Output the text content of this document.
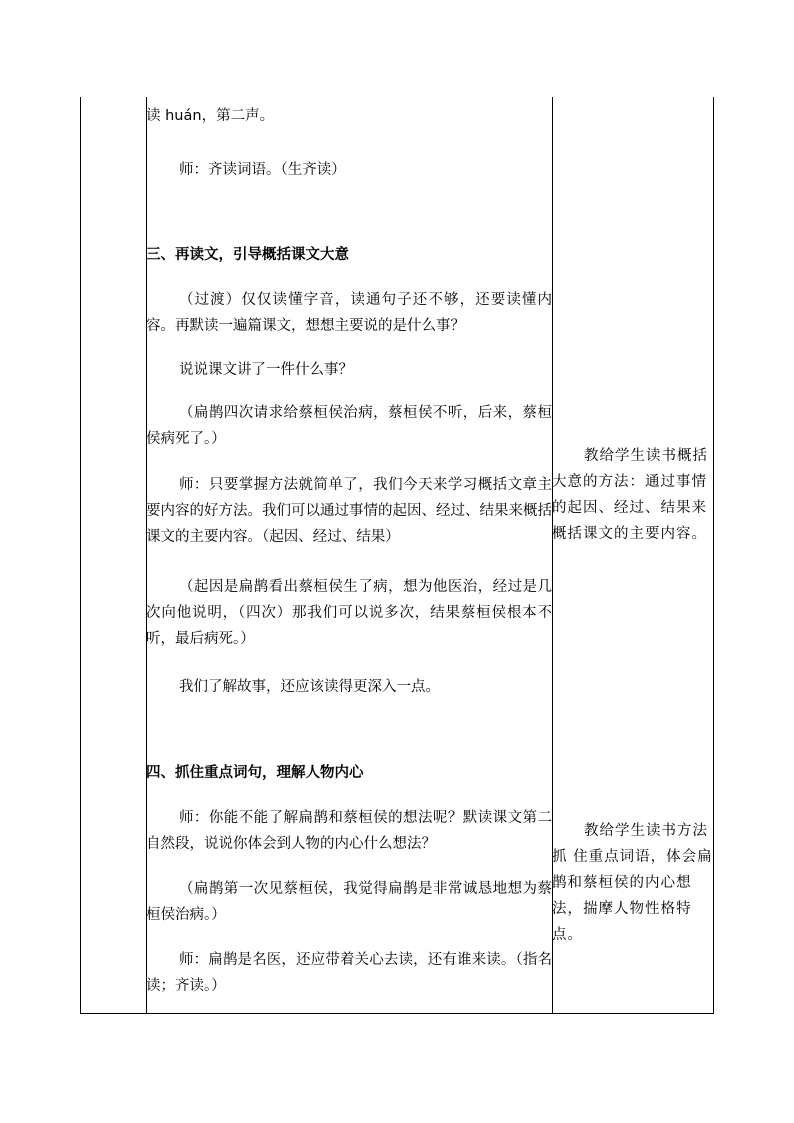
读 huán，第二声。
师：齐读词语。（生齐读）
三、再读文，引导概括课文大意
（过渡）仅仅读懂字音，读通句子还不够，还要读懂内容。再默读一遍篇课文，想想主要说的是什么事？
说说课文讲了一件什么事？
（扁鹊四次请求给蔡桓侯治病，蔡桓侯不听，后来，蔡桓侯病死了。）
师：只要掌握方法就简单了，我们今天来学习概括文章主要内容的好方法。我们可以通过事情的起因、经过、结果来概括课文的主要内容。（起因、经过、结果）
（起因是扁鹊看出蔡桓侯生了病，想为他医治，经过是几次向他说明，（四次）那我们可以说多次，结果蔡桓侯根本不听，最后病死。）
我们了解故事，还应该读得更深入一点。
四、抓住重点词句，理解人物内心
师：你能不能了解扁鹊和蔡桓侯的想法呢？默读课文第二自然段，说说你体会到人物的内心什么想法？
（扁鹊第一次见蔡桓侯，我觉得扁鹊是非常诚恳地想为蔡桓侯治病。）
师：扁鹊是名医，还应带着关心去读，还有谁来读。（指名读；齐读。）
教给学生读书概括大意的方法：通过事情的起因、经过、结果来概括课文的主要内容。
教给学生读书方法抓 住重点词语，体会扁鹊和蔡桓侯的内心想法，揣摩人物性格特点。
